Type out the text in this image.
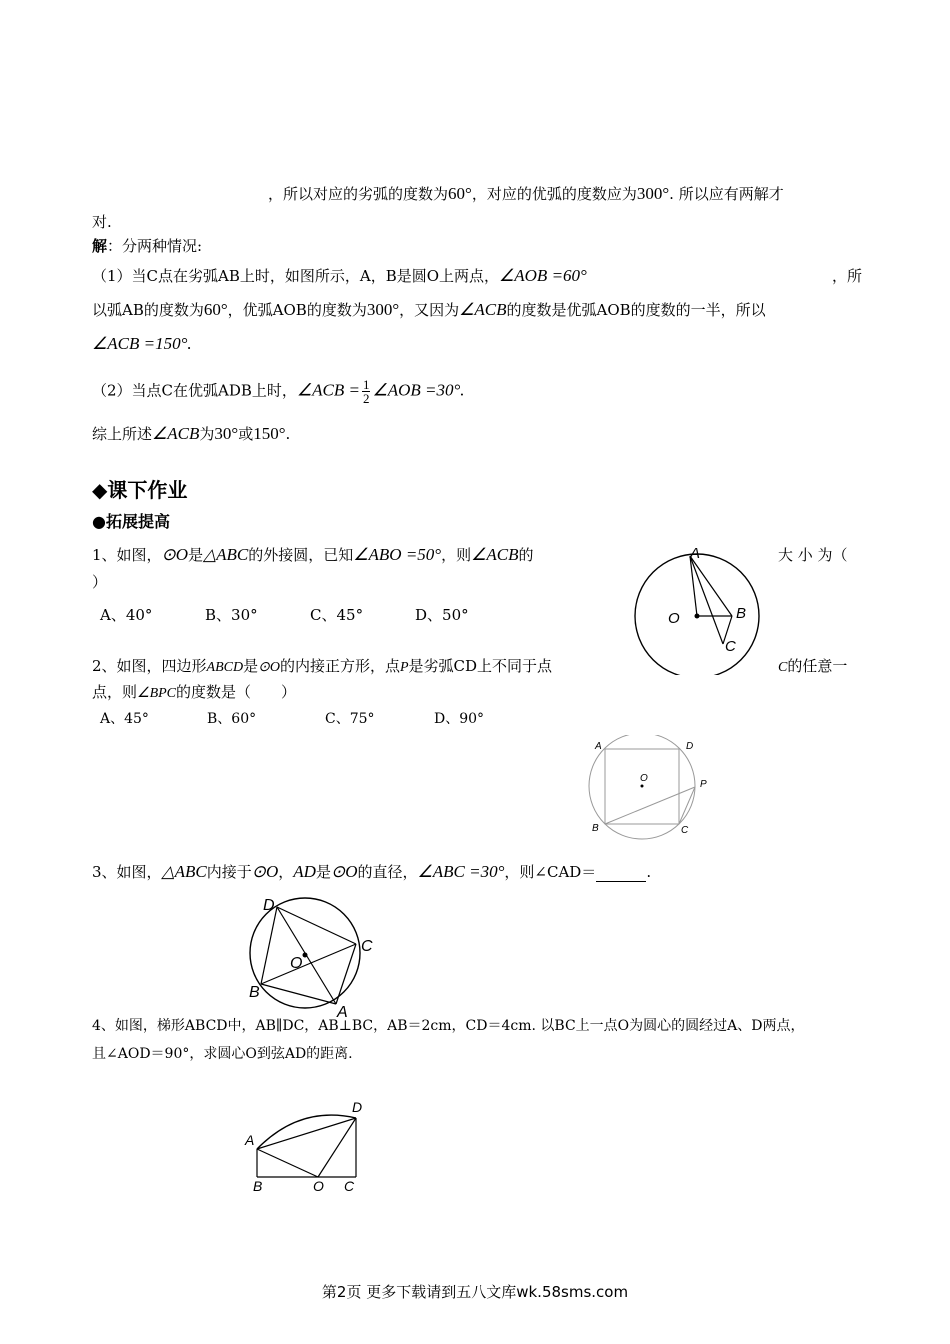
，所以对应的劣弧的度数为60°，对应的优弧的度数应为300°. 所以应有两解才
对.
解：分两种情况:
（1）当C点在劣弧AB上时，如图所示，A，B是圆O上两点，∠AOB =60°	，所
以弧AB的度数为60°，优弧AOB的度数为300°，又因为∠ACB的度数是优弧AOB的度数的一半，所以
∠ACB =150°.
（2）当点C在优弧ADB上时，∠ACB = $\frac{1}{2}$ ∠AOB =30°.
综上所述∠ACB为30°或150°.
◆课下作业
●拓展提高
1、如图，⊙O是△ABC的外接圆，已知∠ABO =50°，则∠ACB的	大 小 为（
）
A、40°	B、30°	C、45°	D、50°
A
O	B
C
2、如图，四边形ABCD是⊙O的内接正方形，点P是劣弧CD上不同于点	C的任意一
点，则∠BPC的度数是（　　）
A、45°	B、60°	C、75°	D、90°
A	D
O
P
B	C
3、如图，△ABC内接于⊙O，AD是⊙O的直径，∠ABC =30°，则∠CAD＝	.
D
C
O
B
A
4、如图，梯形ABCD中，AB∥DC，AB⊥BC，AB＝2cm，CD＝4cm. 以BC上一点O为圆心的圆经过A、D两点，
且∠AOD＝90°，求圆心O到弦AD的距离.
D
A
B	O C
第2页 更多下载请到五八文库wk.58sms.com
